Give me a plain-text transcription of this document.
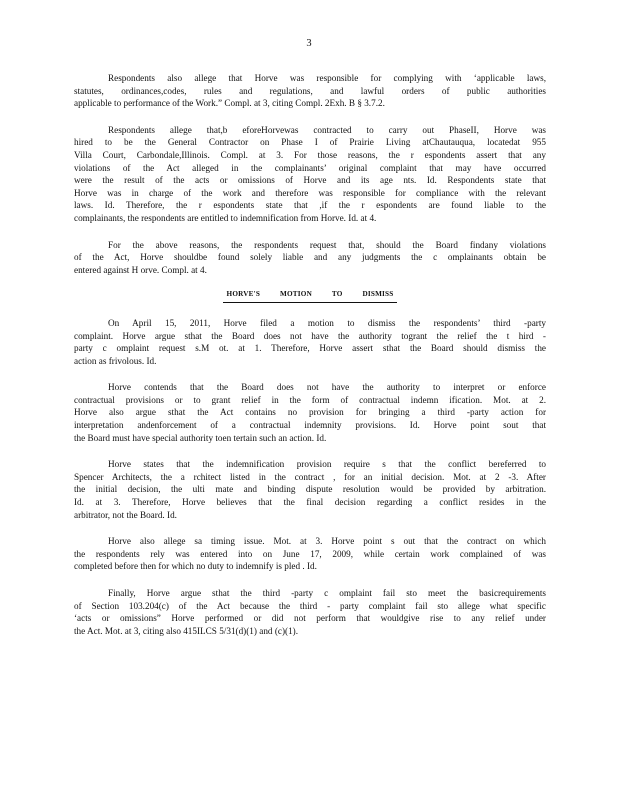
3
Respondents also allege that Horve was responsible for complying with ‘applicable laws,
statutes, ordinances,codes, rules and regulations, and lawful orders of public authorities
applicable to performance of the Work.” Compl. at 3, citing Compl. 2Exh. B § 3.7.2.
Respondents allege that,b eforeHorvewas contracted to carry out PhaseII, Horve was
hired to be the General Contractor on Phase I of Prairie Living atChautauqua, locatedat 955
Villa Court, Carbondale,Illinois. Compl. at 3. For those reasons, the r espondents assert that any
violations of the Act alleged in the complainants’ original complaint that may have occurred
were the result of the acts or omissions of Horve and its age nts. Id. Respondents state that
Horve was in charge of the work and therefore was responsible for compliance with the relevant
laws. Id. Therefore, the r espondents state that ,if the r espondents are found liable to the
complainants, the respondents are entitled to indemnification from Horve. Id. at 4.
For the above reasons, the respondents request that, should the Board findany violations
of the Act, Horve shouldbe found solely liable and any judgments the c omplainants obtain be
entered against H orve. Compl. at 4.
HORVE'S MOTION TO DISMISS
On April 15, 2011, Horve filed a motion to dismiss the respondents’ third -party
complaint. Horve argue sthat the Board does not have the authority togrant the relief the t hird -
party c omplaint request s.M ot. at 1. Therefore, Horve assert sthat the Board should dismiss the
action as frivolous. Id.
Horve contends that the Board does not have the authority to interpret or enforce
contractual provisions or to grant relief in the form of contractual indemn ification. Mot. at 2.
Horve also argue sthat the Act contains no provision for bringing a third -party action for
interpretation andenforcement of a contractual indemnity provisions. Id. Horve point sout that
the Board must have special authority toen tertain such an action. Id.
Horve states that the indemnification provision require s that the conflict bereferred to
Spencer Architects, the a rchitect listed in the contract , for an initial decision. Mot. at 2 -3. After
the initial decision, the ulti mate and binding dispute resolution would be provided by arbitration.
Id. at 3. Therefore, Horve believes that the final decision regarding a conflict resides in the
arbitrator, not the Board. Id.
Horve also allege sa timing issue. Mot. at 3. Horve point s out that the contract on which
the respondents rely was entered into on June 17, 2009, while certain work complained of was
completed before then for which no duty to indemnify is pled . Id.
Finally, Horve argue sthat the third -party c omplaint fail sto meet the basicrequirements
of Section 103.204(c) of the Act because the third - party complaint fail sto allege what specific
‘acts or omissions” Horve performed or did not perform that wouldgive rise to any relief under
the Act. Mot. at 3, citing also 415ILCS 5/31(d)(1) and (c)(1).
